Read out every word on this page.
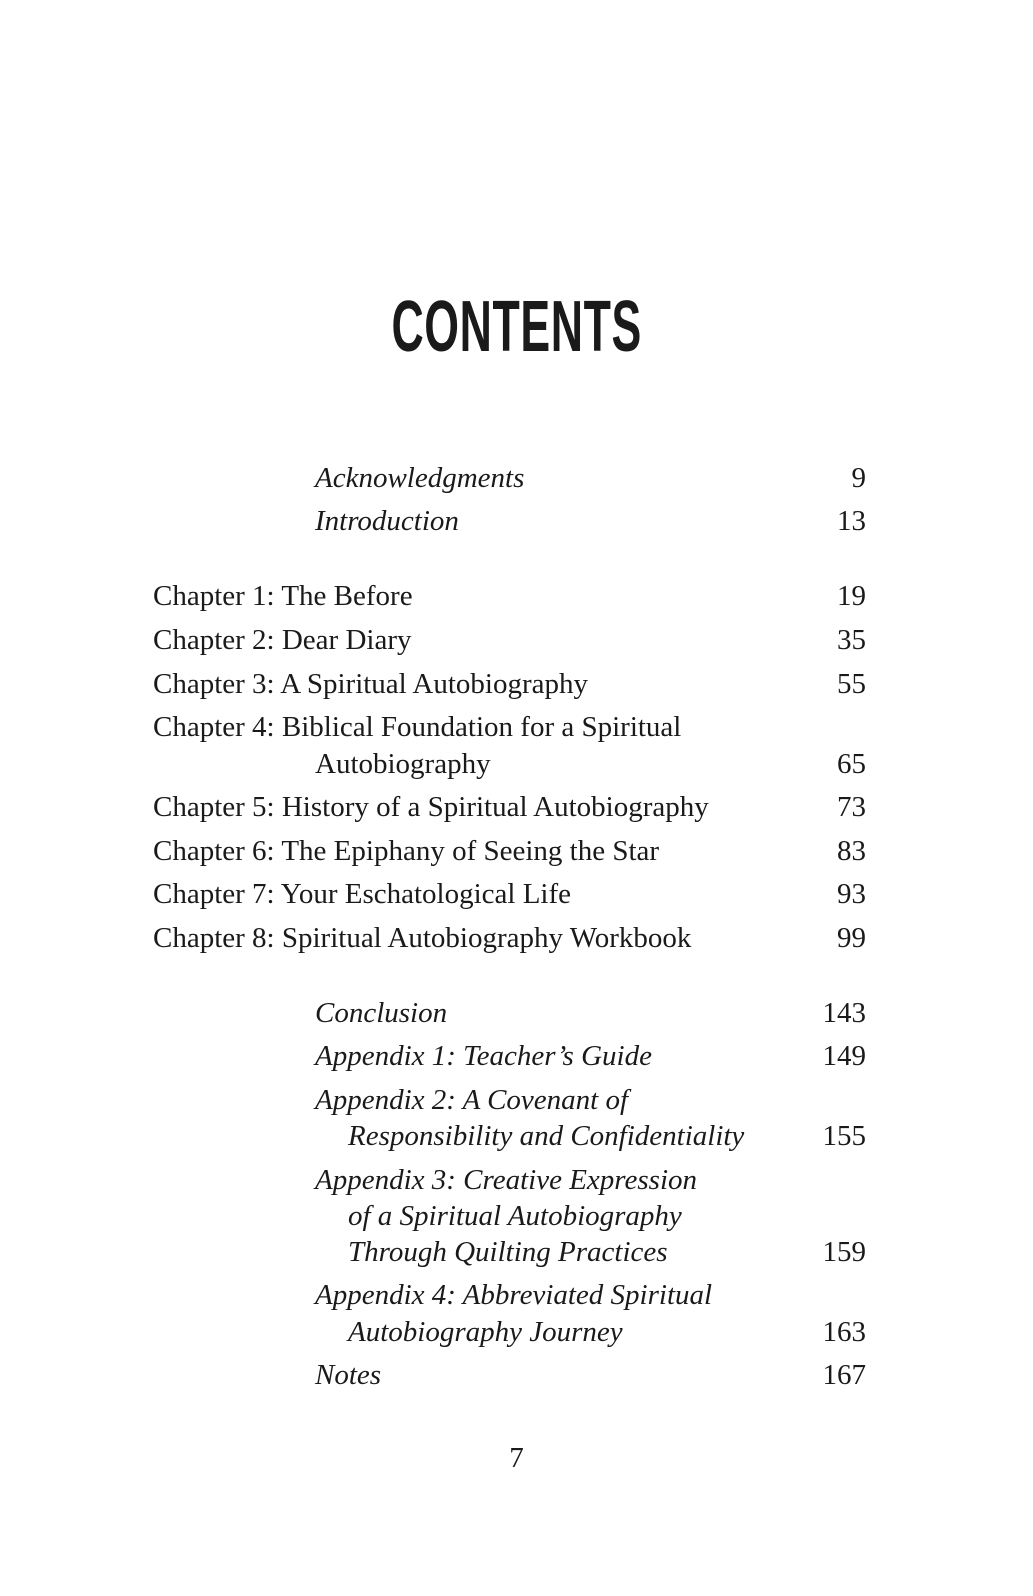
CONTENTS
Acknowledgments	9
Introduction	13
Chapter 1: The Before	19
Chapter 2: Dear Diary	35
Chapter 3: A Spiritual Autobiography	55
Chapter 4: Biblical Foundation for a Spiritual
Autobiography	65
Chapter 5: History of a Spiritual Autobiography	73
Chapter 6: The Epiphany of Seeing the Star	83
Chapter 7: Your Eschatological Life	93
Chapter 8: Spiritual Autobiography Workbook	99
Conclusion	143
Appendix 1: Teacher’s Guide	149
Appendix 2: A Covenant of
Responsibility and Confidentiality	155
Appendix 3: Creative Expression
of a Spiritual Autobiography
Through Quilting Practices	159
Appendix 4: Abbreviated Spiritual
Autobiography Journey	163
Notes	167
7
